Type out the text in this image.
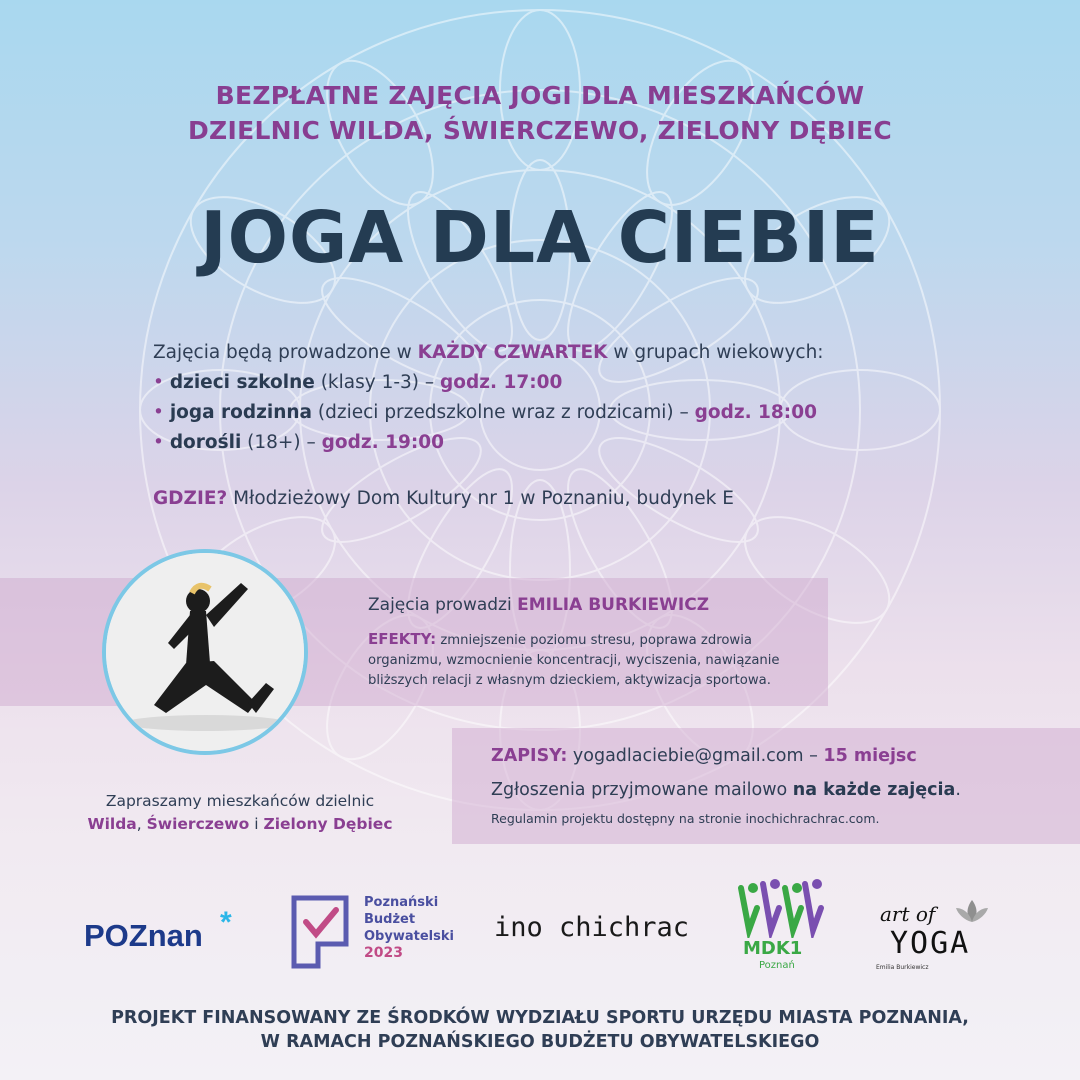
BEZPŁATNE ZAJĘCIA JOGI DLA MIESZKAŃCÓW
DZIELNIC WILDA, ŚWIERCZEWO, ZIELONY DĘBIEC
JOGA DLA CIEBIE
Zajęcia będą prowadzone w KAŻDY CZWARTEK w grupach wiekowych:
• dzieci szkolne (klasy 1-3) – godz. 17:00
• joga rodzinna (dzieci przedszkolne wraz z rodzicami) – godz. 18:00
• dorośli (18+) – godz. 19:00
GDZIE? Młodzieżowy Dom Kultury nr 1 w Poznaniu, budynek E
Zajęcia prowadzi EMILIA BURKIEWICZ
EFEKTY: zmniejszenie poziomu stresu, poprawa zdrowia organizmu, wzmocnienie koncentracji, wyciszenia, nawiązanie bliższych relacji z własnym dzieckiem, aktywizacja sportowa.
ZAPISY: yogadlaciebie@gmail.com – 15 miejsc
Zgłoszenia przyjmowane mailowo na każde zajęcia.
Regulamin projektu dostępny na stronie inochichrachrac.com.
Zapraszamy mieszkańców dzielnic
Wilda, Świerczewo i Zielony Dębiec
POZnan *
Poznański
Budżet
Obywatelski
2023
ino chichrac
MDK1
Poznań
art of
YOGA
Emilia Burkiewicz
PROJEKT FINANSOWANY ZE ŚRODKÓW WYDZIAŁU SPORTU URZĘDU MIASTA POZNANIA,
W RAMACH POZNAŃSKIEGO BUDŻETU OBYWATELSKIEGO
